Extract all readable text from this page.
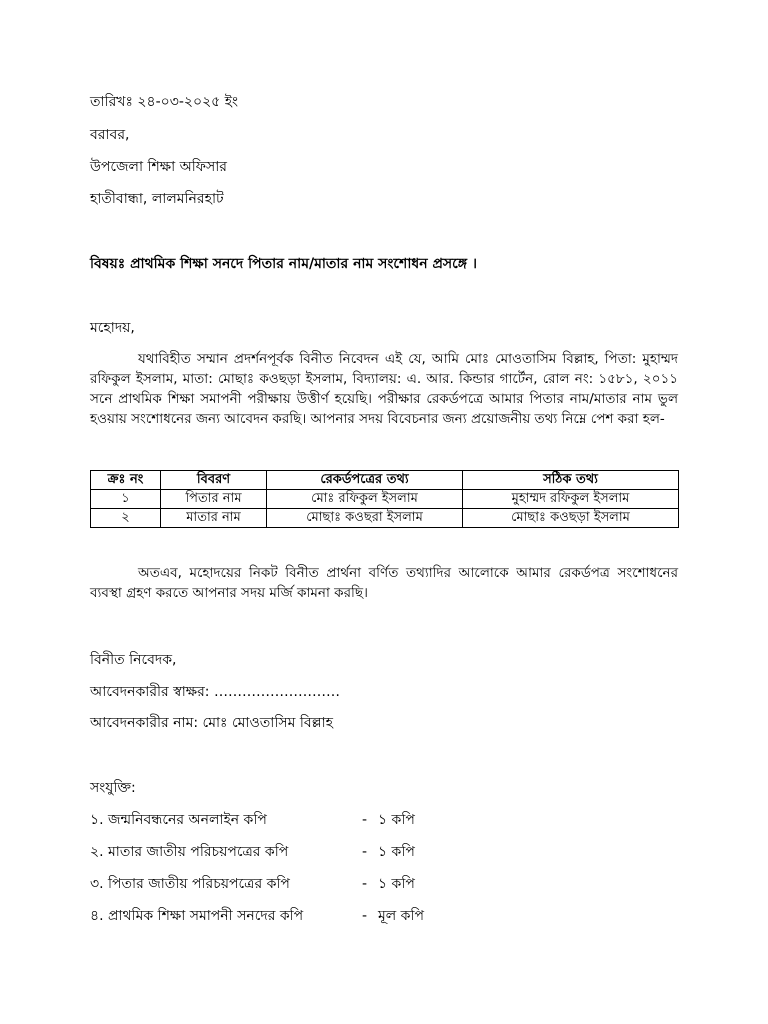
তারিখঃ ২৪-০৩-২০২৫ ইং
বরাবর,
উপজেলা শিক্ষা অফিসার
হাতীবান্ধা, লালমনিরহাট
বিষয়ঃ প্রাথমিক শিক্ষা সনদে পিতার নাম/মাতার নাম সংশোধন প্রসঙ্গে ।
মহোদয়,

যথাবিহীত সম্মান প্রদর্শনপূর্বক বিনীত নিবেদন এই যে, আমি মোঃ মোওতাসিম বিল্লাহ, পিতা: মুহাম্মদ রফিকুল ইসলাম, মাতা: মোছাঃ কওছড়া ইসলাম, বিদ্যালয়: এ. আর. কিন্ডার গার্টেন, রোল নং: ১৫৮১, ২০১১ সনে প্রাথমিক শিক্ষা সমাপনী পরীক্ষায় উত্তীর্ণ হয়েছি। পরীক্ষার রেকর্ডপত্রে আমার পিতার নাম/মাতার নাম ভুল হওয়ায় সংশোধনের জন্য আবেদন করছি। আপনার সদয় বিবেচনার জন্য প্রয়োজনীয় তথ্য নিম্নে পেশ করা হল-

ক্রঃ নং	বিবরণ	রেকর্ডপত্রের তথ্য	সঠিক তথ্য
১	পিতার নাম	মোঃ রফিকুল ইসলাম	মুহাম্মদ রফিকুল ইসলাম
২	মাতার নাম	মোছাঃ কওছরা ইসলাম	মোছাঃ কওছড়া ইসলাম

অতএব, মহোদয়ের নিকট বিনীত প্রার্থনা বর্ণিত তথ্যাদির আলোকে আমার রেকর্ডপত্র সংশোধনের ব্যবস্থা গ্রহণ করতে আপনার সদয় মর্জি কামনা করছি।

বিনীত নিবেদক,
আবেদনকারীর স্বাক্ষর: ………………………
আবেদনকারীর নাম: মোঃ মোওতাসিম বিল্লাহ
সংযুক্তি:
১. জন্মনিবন্ধনের অনলাইন কপি	- ১ কপি
২. মাতার জাতীয় পরিচয়পত্রের কপি	- ১ কপি
৩. পিতার জাতীয় পরিচয়পত্রের কপি	- ১ কপি
৪. প্রাথমিক শিক্ষা সমাপনী সনদের কপি	- মূল কপি
